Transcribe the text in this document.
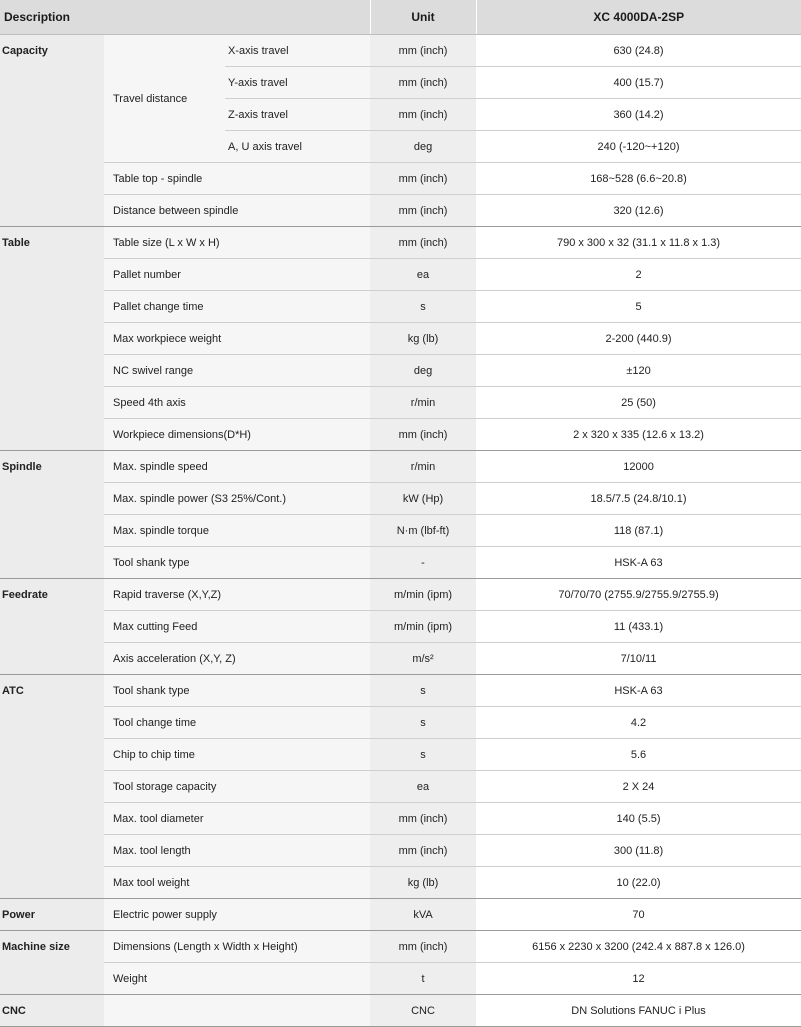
Description			Unit	XC 4000DA-2SP
Capacity	Travel distance	X-axis travel	mm (inch)	630 (24.8)
		Y-axis travel	mm (inch)	400 (15.7)
		Z-axis travel	mm (inch)	360 (14.2)
		A, U axis travel	deg	240 (-120~+120)
	Table top - spindle		mm (inch)	168~528 (6.6~20.8)
	Distance between spindle		mm (inch)	320 (12.6)
Table	Table size (L x W x H)		mm (inch)	790 x 300 x 32 (31.1 x 11.8 x 1.3)
	Pallet number		ea	2
	Pallet change time		s	5
	Max workpiece weight		kg (lb)	2-200 (440.9)
	NC swivel range		deg	±120
	Speed 4th axis		r/min	25 (50)
	Workpiece dimensions(D*H)		mm (inch)	2 x 320 x 335 (12.6 x 13.2)
Spindle	Max. spindle speed		r/min	12000
	Max. spindle power (S3 25%/Cont.)		kW (Hp)	18.5/7.5 (24.8/10.1)
	Max. spindle torque		N·m (lbf-ft)	118 (87.1)
	Tool shank type		-	HSK-A 63
Feedrate	Rapid traverse (X,Y,Z)		m/min (ipm)	70/70/70 (2755.9/2755.9/2755.9)
	Max cutting Feed		m/min (ipm)	11 (433.1)
	Axis acceleration (X,Y, Z)		m/s²	7/10/11
ATC	Tool shank type		s	HSK-A 63
	Tool change time		s	4.2
	Chip to chip time		s	5.6
	Tool storage capacity		ea	2 X 24
	Max. tool diameter		mm (inch)	140 (5.5)
	Max. tool length		mm (inch)	300 (11.8)
	Max tool weight		kg (lb)	10 (22.0)
Power	Electric power supply		kVA	70
Machine size	Dimensions (Length x Width x Height)		mm (inch)	6156 x 2230 x 3200 (242.4 x 887.8 x 126.0)
	Weight		t	12
CNC			CNC	DN Solutions FANUC i Plus
